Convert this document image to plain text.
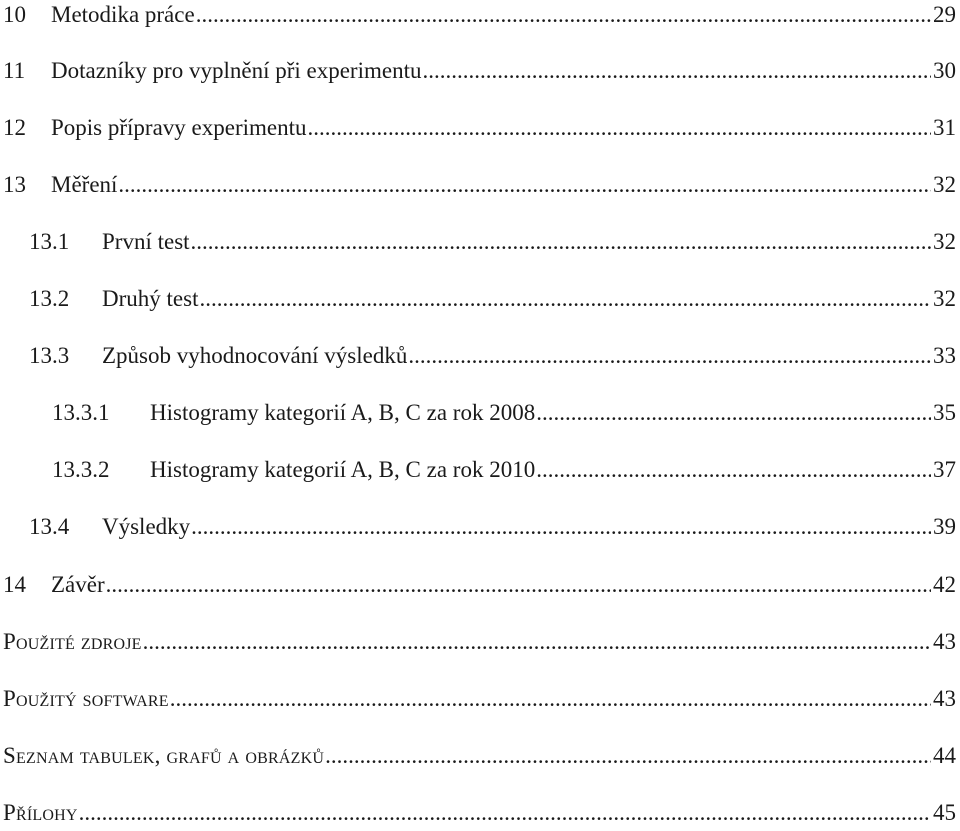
10	Metodika práce .....	29
11	Dotazníky pro vyplnění při experimentu .....	30
12	Popis přípravy experimentu .....	31
13	Měření .....	32
13.1	První test .....	32
13.2	Druhý test .....	32
13.3	Způsob vyhodnocování výsledků .....	33
13.3.1	Histogramy kategorií A, B, C za rok 2008 .....	35
13.3.2	Histogramy kategorií A, B, C za rok 2010 .....	37
13.4	Výsledky .....	39
14	Závěr .....	42
Použité zdroje .....	43
Použitý software .....	43
Seznam tabulek, grafů a obrázků .....	44
Přílohy .....	45
